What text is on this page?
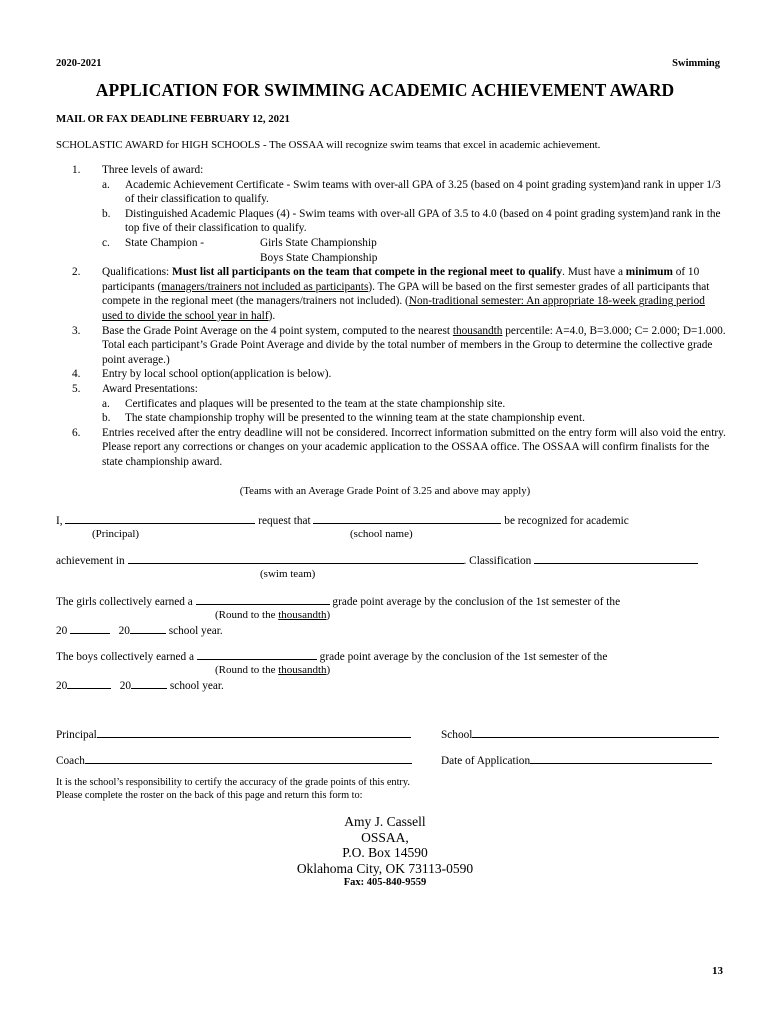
2020-2021	Swimming
APPLICATION FOR SWIMMING ACADEMIC ACHIEVEMENT AWARD
MAIL OR FAX DEADLINE FEBRUARY 12, 2021
SCHOLASTIC AWARD for HIGH SCHOOLS - The OSSAA will recognize swim teams that excel in academic achievement.
1. Three levels of award:
a. Academic Achievement Certificate - Swim teams with over-all GPA of 3.25 (based on 4 point grading system)and rank in upper 1/3 of their classification to qualify.
b. Distinguished Academic Plaques (4) - Swim teams with over-all GPA of 3.5 to 4.0 (based on 4 point grading system)and rank in the top five of their classification to qualify.
c. State Champion -	Girls State Championship

Boys State Championship

2. Qualifications: Must list all participants on the team that compete in the regional meet to qualify. Must have a minimum of 10 participants (managers/trainers not included as participants). The GPA will be based on the first semester grades of all participants that compete in the regional meet (the managers/trainers not included). (Non-traditional semester: An appropriate 18-week grading period used to divide the school year in half).
3. Base the Grade Point Average on the 4 point system, computed to the nearest thousandth percentile: A=4.0, B=3.000; C= 2.000; D=1.000. Total each participant’s Grade Point Average and divide by the total number of members in the Group to determine the collective grade point average.)
4. Entry by local school option(application is below).
5. Award Presentations:
a. Certificates and plaques will be presented to the team at the state championship site.
b. The state championship trophy will be presented to the winning team at the state championship event.
6. Entries received after the entry deadline will not be considered. Incorrect information submitted on the entry form will also void the entry. Please report any corrections or changes on your academic application to the OSSAA office. The OSSAA will confirm finalists for the state championship award.
(Teams with an Average Grade Point of 3.25 and above may apply)
I,	request that	be recognized for academic
(Principal)	(school name)
achievement in	. Classification
(swim team)
The girls collectively earned a	grade point average by the conclusion of the 1st semester of the
(Round to the thousandth)
20	20	school year.
The boys collectively earned a	grade point average by the conclusion of the 1st semester of the
(Round to the thousandth)
20	20	school year.
Principal	School
Coach	Date of Application
It is the school’s responsibility to certify the accuracy of the grade points of this entry.
Please complete the roster on the back of this page and return this form to:
Amy J. Cassell
OSSAA,
P.O. Box 14590
Oklahoma City, OK 73113-0590
Fax: 405-840-9559
13
